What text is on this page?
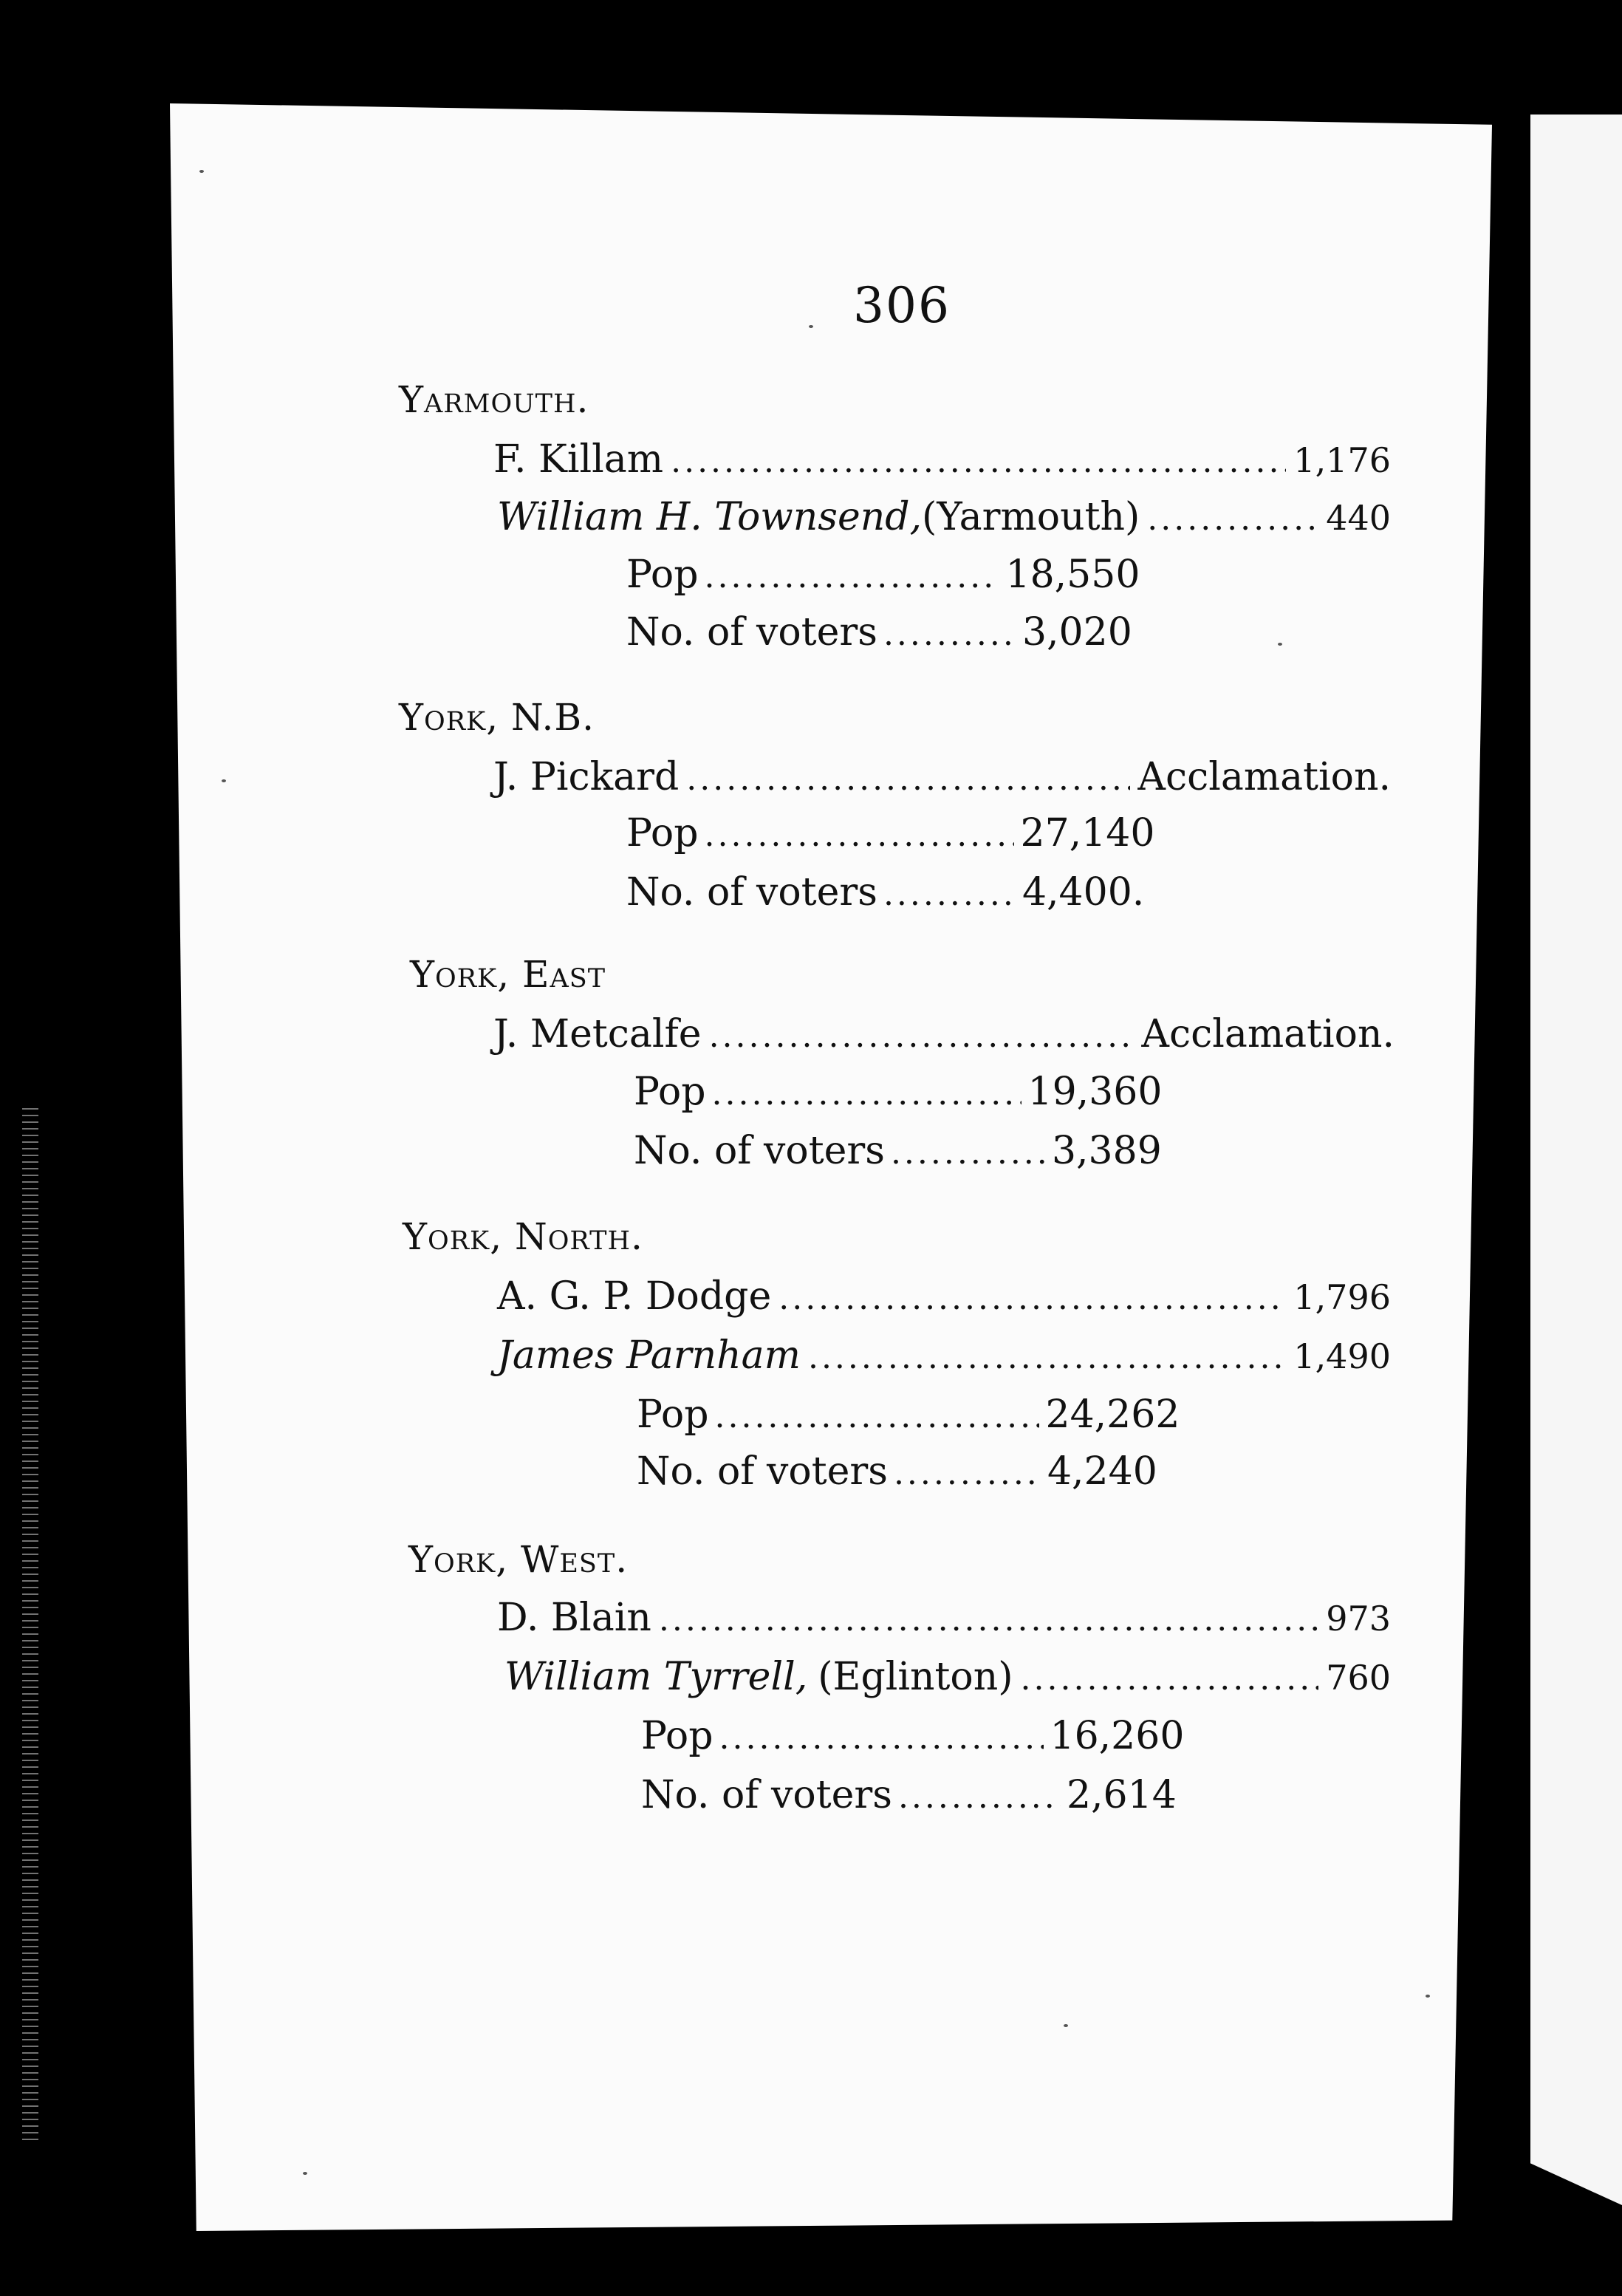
306
Yarmouth.
F. Killam .....	1,176
William H. Townsend, (Yarmouth) .....	440
Pop .....	18,550
No. of voters .....	3,020
York, N.B.
J. Pickard .....	Acclamation.
Pop .....	27,140
No. of voters .....	4,400.
York, East
J. Metcalfe .....	Acclamation.
Pop .....	19,360
No. of voters .....	3,389
York, North.
A. G. P. Dodge .....	1,796
James Parnham .....	1,490
Pop .....	24,262
No. of voters .....	4,240
York, West.
D. Blain .....	973
William Tyrrell, (Eglinton) .....	760
Pop .....	16,260
No. of voters .....	2,614
